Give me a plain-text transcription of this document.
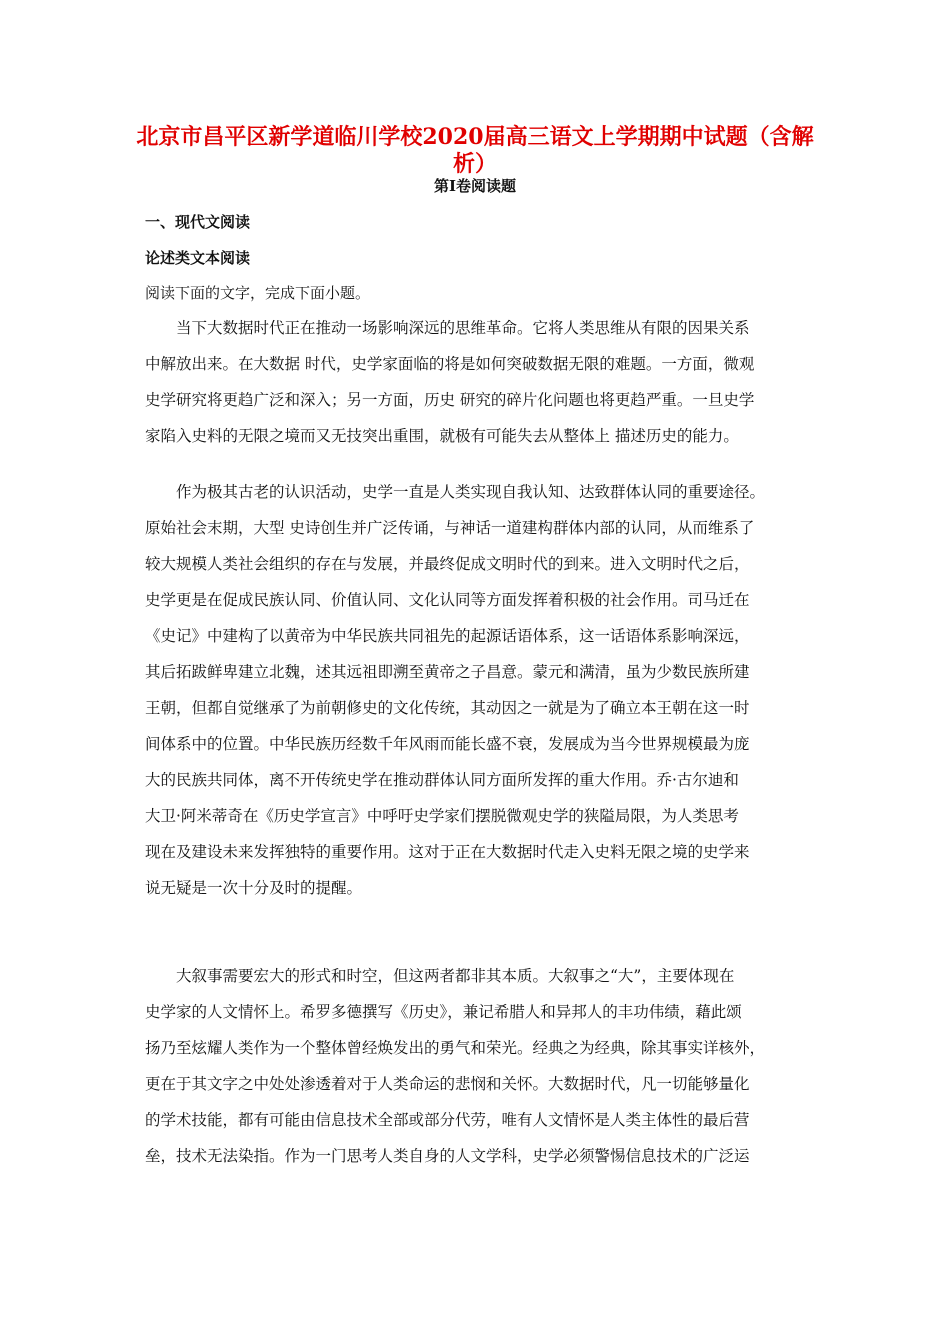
北京市昌平区新学道临川学校2020届高三语文上学期期中试题（含解析）
第Ⅰ卷阅读题
一、现代文阅读
论述类文本阅读
阅读下面的文字，完成下面小题。
　　当下大数据时代正在推动一场影响深远的思维革命。它将人类思维从有限的因果关系
中解放出来。在大数据 时代，史学家面临的将是如何突破数据无限的难题。一方面，微观
史学研究将更趋广泛和深入；另一方面，历史 研究的碎片化问题也将更趋严重。一旦史学
家陷入史料的无限之境而又无技突出重围，就极有可能失去从整体上 描述历史的能力。
　　作为极其古老的认识活动，史学一直是人类实现自我认知、达致群体认同的重要途径。
原始社会末期，大型 史诗创生并广泛传诵，与神话一道建构群体内部的认同，从而维系了
较大规模人类社会组织的存在与发展，并最终促成文明时代的到来。进入文明时代之后，
史学更是在促成民族认同、价值认同、文化认同等方面发挥着积极的社会作用。司马迁在
《史记》中建构了以黄帝为中华民族共同祖先的起源话语体系，这一话语体系影响深远，
其后拓跋鲜卑建立北魏，述其远祖即溯至黄帝之子昌意。蒙元和满清，虽为少数民族所建
王朝，但都自觉继承了为前朝修史的文化传统，其动因之一就是为了确立本王朝在这一时
间体系中的位置。中华民族历经数千年风雨而能长盛不衰，发展成为当今世界规模最为庞
大的民族共同体，离不开传统史学在推动群体认同方面所发挥的重大作用。乔·古尔迪和
大卫·阿米蒂奇在《历史学宣言》中呼吁史学家们摆脱微观史学的狭隘局限，为人类思考
现在及建设未来发挥独特的重要作用。这对于正在大数据时代走入史料无限之境的史学来
说无疑是一次十分及时的提醒。
　　大叙事需要宏大的形式和时空，但这两者都非其本质。大叙事之“大”，主要体现在
史学家的人文情怀上。希罗多德撰写《历史》，兼记希腊人和异邦人的丰功伟绩，藉此颂
扬乃至炫耀人类作为一个整体曾经焕发出的勇气和荣光。经典之为经典，除其事实详核外，
更在于其文字之中处处渗透着对于人类命运的悲悯和关怀。大数据时代，凡一切能够量化
的学术技能，都有可能由信息技术全部或部分代劳，唯有人文情怀是人类主体性的最后营
垒，技术无法染指。作为一门思考人类自身的人文学科，史学必须警惕信息技术的广泛运
